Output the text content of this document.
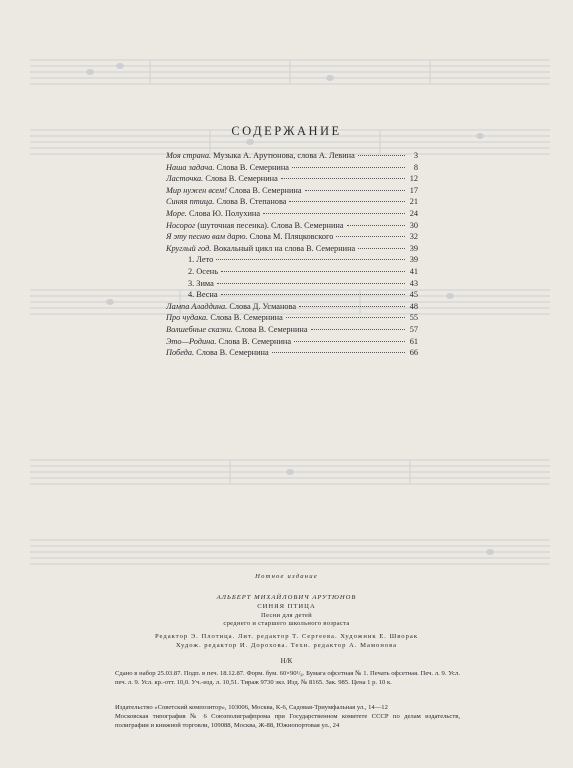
СОДЕРЖАНИЕ
Моя страна. Музыка А. Арутюнова, слова А. Левина	3
Наша задача. Слова В. Семернина	8
Ласточка. Слова В. Семернина	12
Мир нужен всем! Слова В. Семернина	17
Синяя птица. Слова В. Степанова	21
Море. Слова Ю. Полухина	24
Носорог (шуточная песенка). Слова В. Семернина	30
Я эту песню вам дарю. Слова М. Пляцковского	32
Круглый год. Вокальный цикл на слова В. Семернина	39
1. Лето	39
2. Осень	41
3. Зима	43
4. Весна	45
Лампа Аладдина. Слова Д. Усманова	48
Про чудака. Слова В. Семернина	55
Волшебные сказки. Слова В. Семернина	57
Это—Родина. Слова В. Семернина	61
Победа. Слова В. Семернина	66
Нотное издание
АЛЬБЕРТ МИХАЙЛОВИЧ АРУТЮНОВ
СИНЯЯ ПТИЦА
Песни для детей
среднего и старшего школьного возраста
Редактор Э. Плотица. Лит. редактор Т. Сергеева. Художник Е. Шворак
Худож. редактор И. Дорохова. Техн. редактор А. Мамонова
Н/К
Сдано в набор 25.03.87. Подп. в печ. 18.12.87. Форм. бум. 60×90¹/₈. Бумага офсетная № 1. Печать офсетная. Печ. л. 9. Усл. печ. л. 9. Усл. кр.-отт. 10,0. Уч.-изд. л. 10,51. Тираж 9730 экз. Изд. № 8165. Зак. 985. Цена 1 р. 10 к.
Издательство «Советский композитор», 103006, Москва, К-6, Садовая-Триумфальная ул., 14—12
Московская типография № 6 Союзполиграфпрома при Государственном комитете СССР по делам издательств, полиграфии и книжной торговли, 109088, Москва, Ж-88, Южнопортовая ул., 24
